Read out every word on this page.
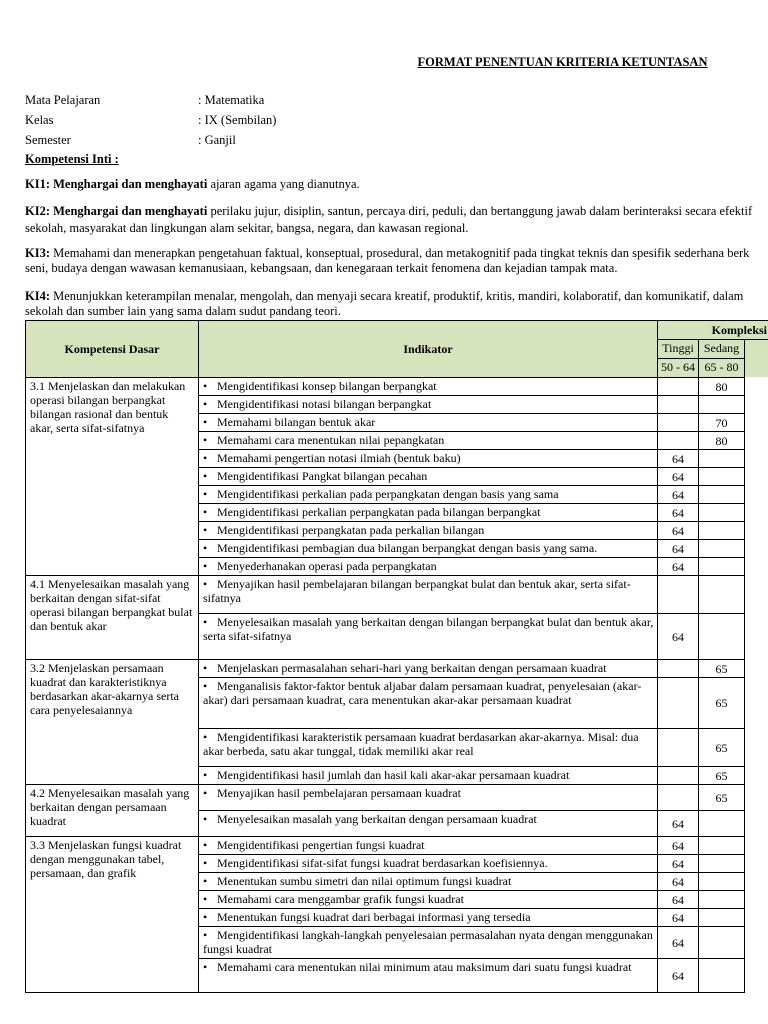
FORMAT PENENTUAN KRITERIA KETUNTASAN
Mata Pelajaran	: Matematika
Kelas	: IX (Sembilan)
Semester	: Ganjil
Kompetensi Inti :
KI1: Menghargai dan menghayati ajaran agama yang dianutnya.
KI2: Menghargai dan menghayati perilaku jujur, disiplin, santun, percaya diri, peduli, dan bertanggung jawab dalam berinteraksi secara efektif
sekolah, masyarakat dan lingkungan alam sekitar, bangsa, negara, dan kawasan regional.
KI3: Memahami dan menerapkan pengetahuan faktual, konseptual, prosedural, dan metakognitif pada tingkat teknis dan spesifik sederhana berk
seni, budaya dengan wawasan kemanusiaan, kebangsaan, dan kenegaraan terkait fenomena dan kejadian tampak mata.
KI4: Menunjukkan keterampilan menalar, mengolah, dan menyaji secara kreatif, produktif, kritis, mandiri, kolaboratif, dan komunikatif, dalam
sekolah dan sumber lain yang sama dalam sudut pandang teori.
Kompetensi Dasar	Indikator	Kompleksi		
		Tinggi	Sedang	
		50 - 64	65 - 80	
3.1 Menjelaskan dan melakukan operasi bilangan berpangkat bilangan rasional dan bentuk akar, serta sifat-sifatnya	• Mengidentifikasi konsep bilangan berpangkat		80	
	• Mengidentifikasi notasi bilangan berpangkat			
	• Memahami bilangan bentuk akar		70	
	• Memahami cara menentukan nilai pepangkatan		80	
	• Memahami pengertian notasi ilmiah (bentuk baku)	64		
	• Mengidentifikasi Pangkat bilangan pecahan	64		
	• Mengidentifikasi perkalian pada perpangkatan dengan basis yang sama	64		
	• Mengidentifikasi perkalian perpangkatan pada bilangan berpangkat	64		
	• Mengidentifikasi perpangkatan pada perkalian bilangan	64		
	• Mengidentifikasi pembagian dua bilangan berpangkat dengan basis yang sama.	64		
	• Menyederhanakan operasi pada perpangkatan	64		
4.1 Menyelesaikan masalah yang berkaitan dengan sifat-sifat operasi bilangan berpangkat bulat dan bentuk akar	• Menyajikan hasil pembelajaran bilangan berpangkat bulat dan bentuk akar, serta sifat-sifatnya			
	• Menyelesaikan masalah yang berkaitan dengan bilangan berpangkat bulat dan bentuk akar, serta sifat-sifatnya	64		
3.2 Menjelaskan persamaan kuadrat dan karakteristiknya berdasarkan akar-akarnya serta cara penyelesaiannya	• Menjelaskan permasalahan sehari-hari yang berkaitan dengan persamaan kuadrat		65	
	• Menganalisis faktor-faktor bentuk aljabar dalam persamaan kuadrat, penyelesaian (akar-akar) dari persamaan kuadrat, cara menentukan akar-akar persamaan kuadrat		65	
	• Mengidentifikasi karakteristik persamaan kuadrat berdasarkan akar-akarnya. Misal: dua akar berbeda, satu akar tunggal, tidak memiliki akar real		65	
	• Mengidentifikasi hasil jumlah dan hasil kali akar-akar persamaan kuadrat		65	
4.2 Menyelesaikan masalah yang berkaitan dengan persamaan kuadrat	• Menyajikan hasil pembelajaran persamaan kuadrat		65	
	• Menyelesaikan masalah yang berkaitan dengan persamaan kuadrat	64		
3.3 Menjelaskan fungsi kuadrat dengan menggunakan tabel, persamaan, dan grafik	• Mengidentifikasi pengertian fungsi kuadrat	64		
	• Mengidentifikasi sifat-sifat fungsi kuadrat berdasarkan koefisiennya.	64		
	• Menentukan sumbu simetri dan nilai optimum fungsi kuadrat	64		
	• Memahami cara menggambar grafik fungsi kuadrat	64		
	• Menentukan fungsi kuadrat dari berbagai informasi yang tersedia	64		
	• Mengidentifikasi langkah-langkah penyelesaian permasalahan nyata dengan menggunakan fungsi kuadrat	64		
	• Memahami cara menentukan nilai minimum atau maksimum dari suatu fungsi kuadrat	64		
